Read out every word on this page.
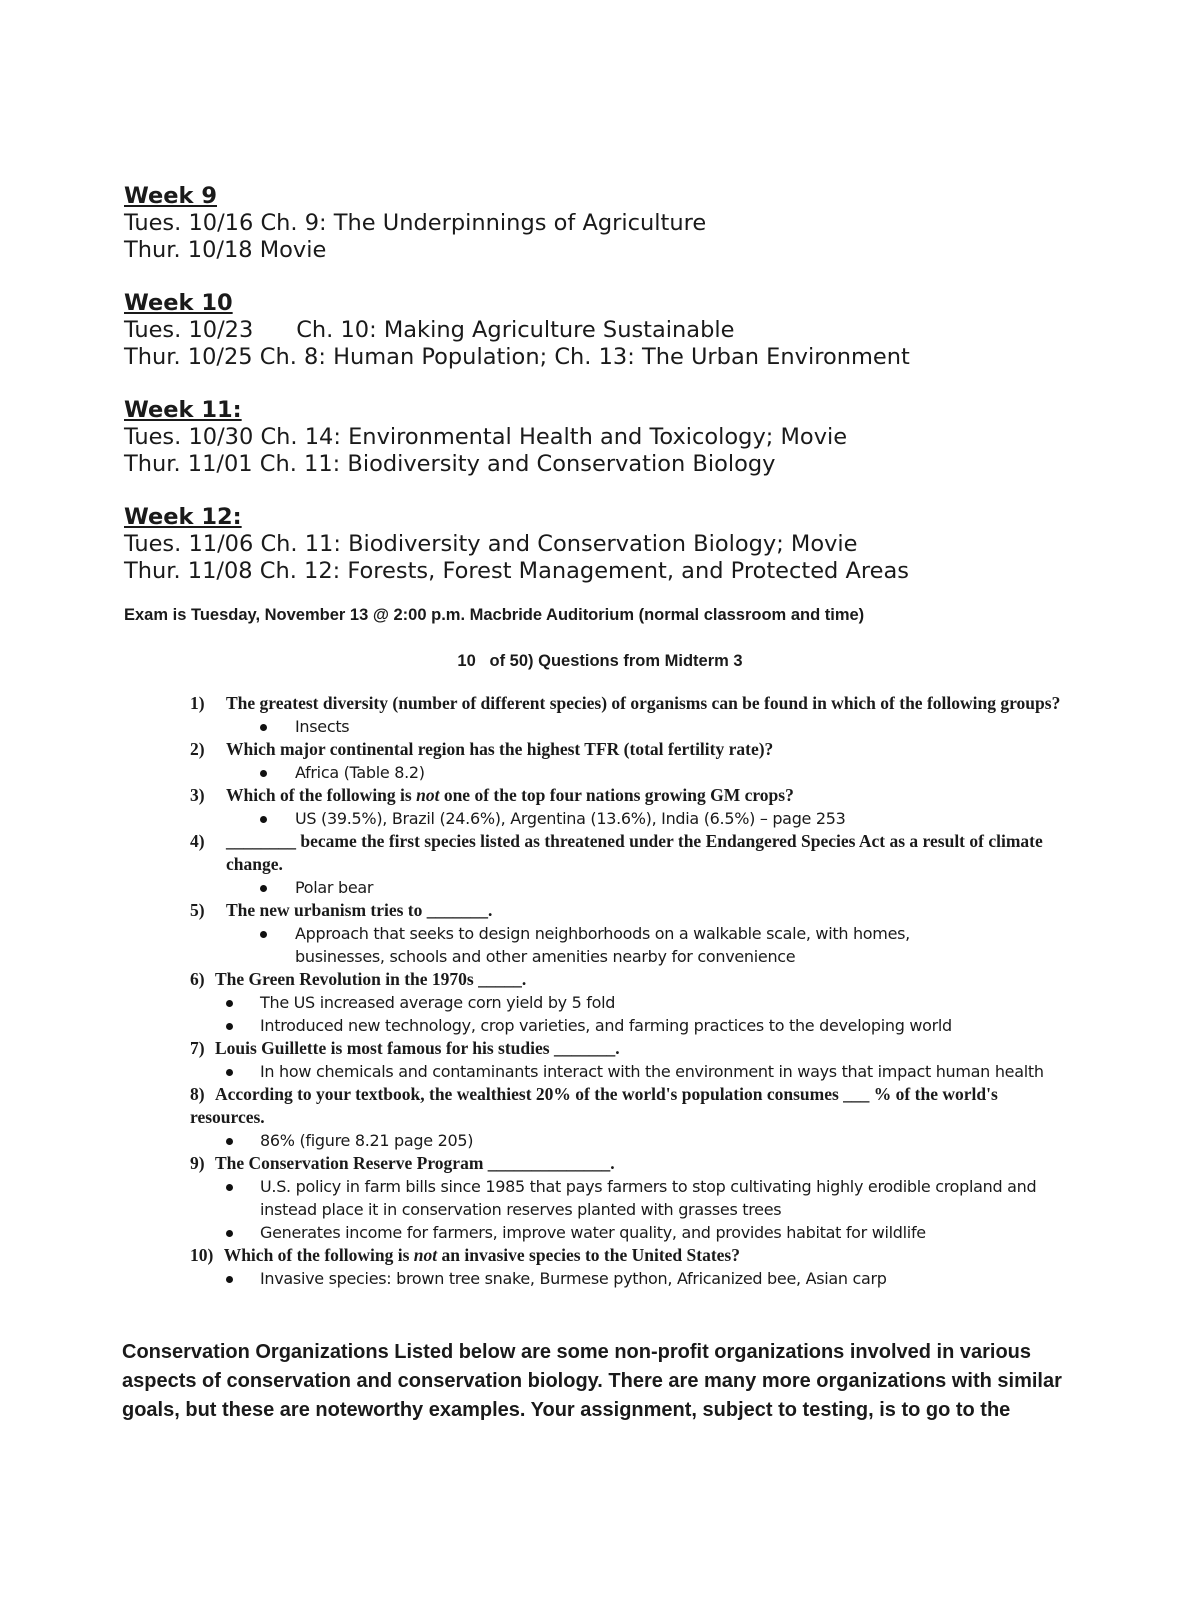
Week 9
Tues. 10/16 Ch. 9: The Underpinnings of Agriculture
Thur. 10/18 Movie
Week 10
Tues. 10/23      Ch. 10: Making Agriculture Sustainable
Thur. 10/25 Ch. 8: Human Population; Ch. 13: The Urban Environment
Week 11:
Tues. 10/30 Ch. 14: Environmental Health and Toxicology; Movie
Thur. 11/01 Ch. 11: Biodiversity and Conservation Biology
Week 12:
Tues. 11/06 Ch. 11: Biodiversity and Conservation Biology; Movie
Thur. 11/08 Ch. 12: Forests, Forest Management, and Protected Areas
Exam is Tuesday, November 13 @ 2:00 p.m. Macbride Auditorium (normal classroom and time)
10   of 50) Questions from Midterm 3
1) The greatest diversity (number of different species) of organisms can be found in which of the following groups?
Insects
2) Which major continental region has the highest TFR (total fertility rate)?
Africa (Table 8.2)
3) Which of the following is not one of the top four nations growing GM crops?
US (39.5%), Brazil (24.6%), Argentina (13.6%), India (6.5%) – page 253
4) ________ became the first species listed as threatened under the Endangered Species Act as a result of climate change.
Polar bear
5) The new urbanism tries to _______.
Approach that seeks to design neighborhoods on a walkable scale, with homes, businesses, schools and other amenities nearby for convenience
6) The Green Revolution in the 1970s _____.
The US increased average corn yield by 5 fold
Introduced new technology, crop varieties, and farming practices to the developing world
7) Louis Guillette is most famous for his studies _______.
In how chemicals and contaminants interact with the environment in ways that impact human health
8) According to your textbook, the wealthiest 20% of the world's population consumes ___ % of the world's resources.
86% (figure 8.21 page 205)
9) The Conservation Reserve Program ______________.
U.S. policy in farm bills since 1985 that pays farmers to stop cultivating highly erodible cropland and instead place it in conservation reserves planted with grasses trees
Generates income for farmers, improve water quality, and provides habitat for wildlife
10) Which of the following is not an invasive species to the United States?
Invasive species: brown tree snake, Burmese python, Africanized bee, Asian carp
Conservation Organizations Listed below are some non-profit organizations involved in various aspects of conservation and conservation biology. There are many more organizations with similar goals, but these are noteworthy examples. Your assignment, subject to testing, is to go to the
